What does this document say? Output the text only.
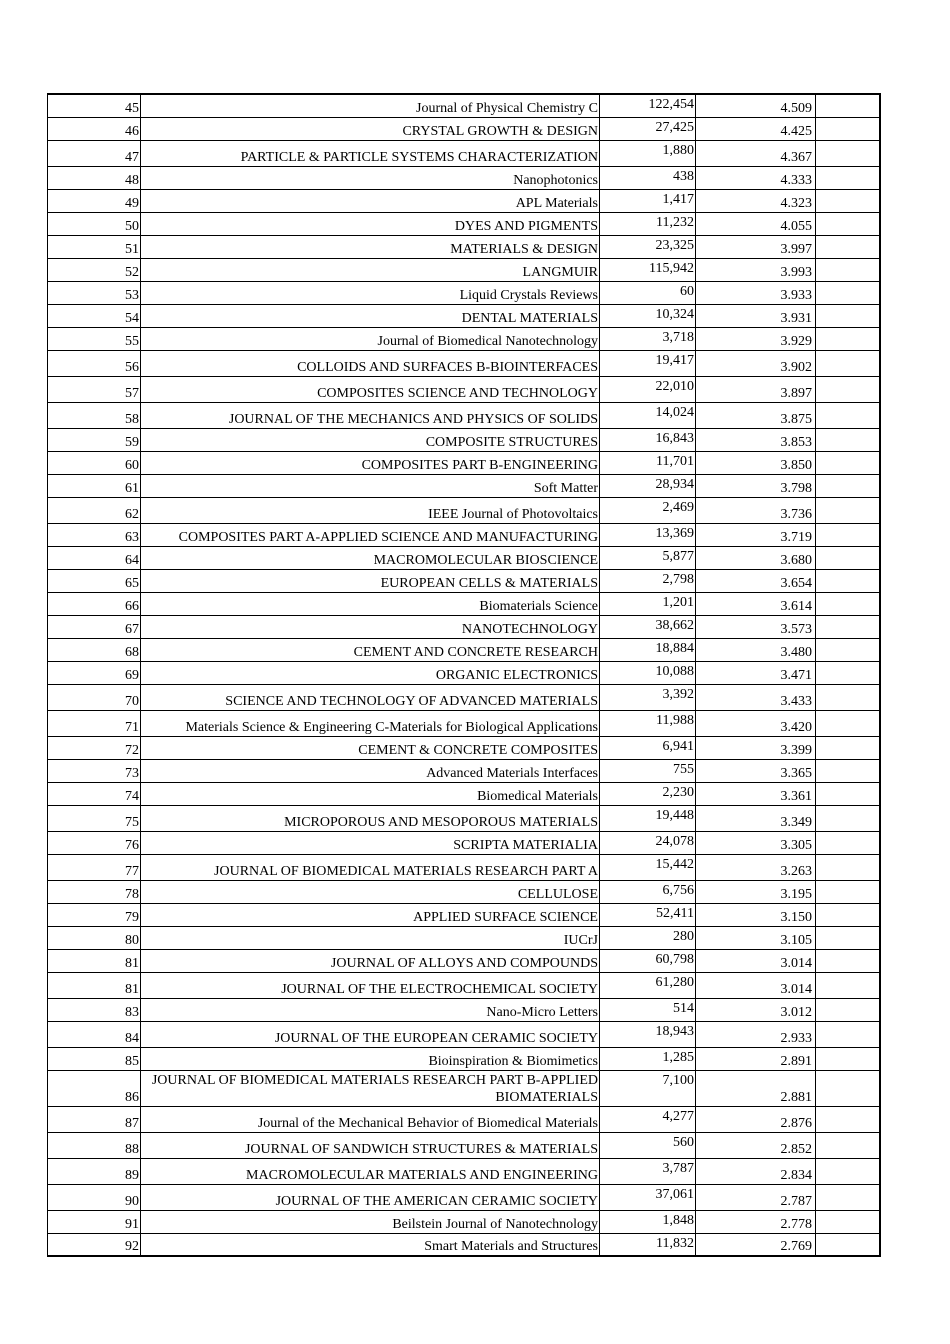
45	Journal of Physical Chemistry C	122,454	4.509	
46	CRYSTAL GROWTH & DESIGN	27,425	4.425	
47	PARTICLE & PARTICLE SYSTEMS CHARACTERIZATION	1,880	4.367	
48	Nanophotonics	438	4.333	
49	APL Materials	1,417	4.323	
50	DYES AND PIGMENTS	11,232	4.055	
51	MATERIALS & DESIGN	23,325	3.997	
52	LANGMUIR	115,942	3.993	
53	Liquid Crystals Reviews	60	3.933	
54	DENTAL MATERIALS	10,324	3.931	
55	Journal of Biomedical Nanotechnology	3,718	3.929	
56	COLLOIDS AND SURFACES B-BIOINTERFACES	19,417	3.902	
57	COMPOSITES SCIENCE AND TECHNOLOGY	22,010	3.897	
58	JOURNAL OF THE MECHANICS AND PHYSICS OF SOLIDS	14,024	3.875	
59	COMPOSITE STRUCTURES	16,843	3.853	
60	COMPOSITES PART B-ENGINEERING	11,701	3.850	
61	Soft Matter	28,934	3.798	
62	IEEE Journal of Photovoltaics	2,469	3.736	
63	COMPOSITES PART A-APPLIED SCIENCE AND MANUFACTURING	13,369	3.719	
64	MACROMOLECULAR BIOSCIENCE	5,877	3.680	
65	EUROPEAN CELLS & MATERIALS	2,798	3.654	
66	Biomaterials Science	1,201	3.614	
67	NANOTECHNOLOGY	38,662	3.573	
68	CEMENT AND CONCRETE RESEARCH	18,884	3.480	
69	ORGANIC ELECTRONICS	10,088	3.471	
70	SCIENCE AND TECHNOLOGY OF ADVANCED MATERIALS	3,392	3.433	
71	Materials Science & Engineering C-Materials for Biological Applications	11,988	3.420	
72	CEMENT & CONCRETE COMPOSITES	6,941	3.399	
73	Advanced Materials Interfaces	755	3.365	
74	Biomedical Materials	2,230	3.361	
75	MICROPOROUS AND MESOPOROUS MATERIALS	19,448	3.349	
76	SCRIPTA MATERIALIA	24,078	3.305	
77	JOURNAL OF BIOMEDICAL MATERIALS RESEARCH PART A	15,442	3.263	
78	CELLULOSE	6,756	3.195	
79	APPLIED SURFACE SCIENCE	52,411	3.150	
80	IUCrJ	280	3.105	
81	JOURNAL OF ALLOYS AND COMPOUNDS	60,798	3.014	
81	JOURNAL OF THE ELECTROCHEMICAL SOCIETY	61,280	3.014	
83	Nano-Micro Letters	514	3.012	
84	JOURNAL OF THE EUROPEAN CERAMIC SOCIETY	18,943	2.933	
85	Bioinspiration & Biomimetics	1,285	2.891	
86	JOURNAL OF BIOMEDICAL MATERIALS RESEARCH PART B-APPLIED BIOMATERIALS	7,100	2.881	
87	Journal of the Mechanical Behavior of Biomedical Materials	4,277	2.876	
88	JOURNAL OF SANDWICH STRUCTURES & MATERIALS	560	2.852	
89	MACROMOLECULAR MATERIALS AND ENGINEERING	3,787	2.834	
90	JOURNAL OF THE AMERICAN CERAMIC SOCIETY	37,061	2.787	
91	Beilstein Journal of Nanotechnology	1,848	2.778	
92	Smart Materials and Structures	11,832	2.769	
